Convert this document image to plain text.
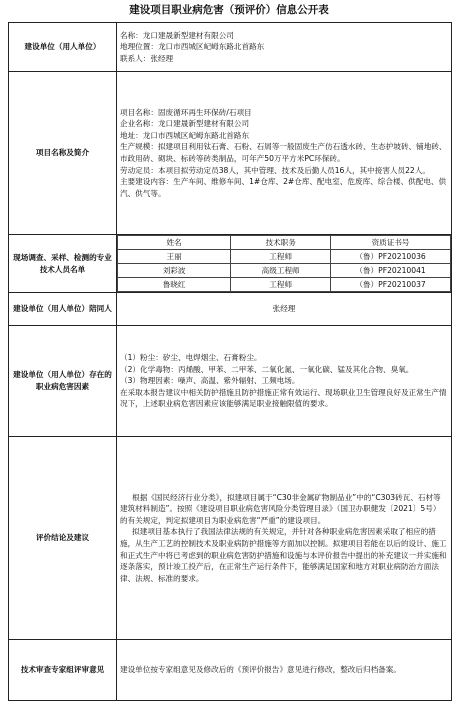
建设项目职业病危害（预评价）信息公开表
建设单位（用人单位）	
名称：龙口建晟新型建材有限公司
地理位置：龙口市西城区屺㟂东路北首路东
联系人：张经理

项目名称及简介	
项目名称：固废循环再生环保砖/石项目
企业名称：龙口建晟新型建材有限公司
地址：龙口市西城区屺㟂东路北首路东
生产规模：拟建项目利用钛石膏、石粉、石屑等一般固废生产仿石透水砖、生态护坡砖、铺地砖、市政用砖、砌块、标砖等砖类制品，可年产50万平方米PC环保砖。
劳动定员：本项目拟劳动定员38人，其中管理、技术及后勤人员16人，其中接害人员22人。
主要建设内容：生产车间、维修车间、1#仓库、2#仓库、配电室、危废库、综合楼、供配电、供汽、供气等。

现场调查、采样、检测的专业技术人员名单	
姓名	技术职务	资质证书号
王丽	工程师	（鲁）PF20210036
刘彩波	高级工程师	（鲁）PF20210041
鲁晓红	工程师	（鲁）PF20210037

建设单位（用人单位）陪同人	张经理
建设单位（用人单位）存在的职业病危害因素	
（1）粉尘：矽尘、电焊烟尘、石膏粉尘。
（2）化学毒物：丙烯酸、甲苯、二甲苯、二氧化氮、一氧化碳、锰及其化合物、臭氧。
（3）物理因素：噪声、高温、紫外辐射、工频电场。
在采取本报告建议中相关防护措施且防护措施正常有效运行、现场职业卫生管理良好及正常生产情况下，上述职业病危害因素应该能够满足职业接触限值的要求。

评价结论及建议	
根据《国民经济行业分类》，拟建项目属于“C30非金属矿物制品业”中的“C303砖瓦、石材等建筑材料制造”。按照《建设项目职业病危害风险分类管理目录》（国卫办职健发〔2021〕5号）的有关规定，判定拟建项目为职业病危害“严重”的建设项目。
拟建项目基本执行了我国法律法规的有关规定，并针对各种职业病危害因素采取了相应的措施，从生产工艺的控制技术及职业病防护措施等方面加以控制。拟建项目若能在以后的设计、施工和正式生产中将已考虑到的职业病危害防护措施和设施与本评价报告中提出的补充建议一并实施和逐条落实，预计竣工投产后，在正常生产运行条件下，能够满足国家和地方对职业病防治方面法律、法规、标准的要求。

技术审查专家组评审意见	建设单位按专家组意见及修改后的《预评价报告》意见进行修改，整改后归档备案。
